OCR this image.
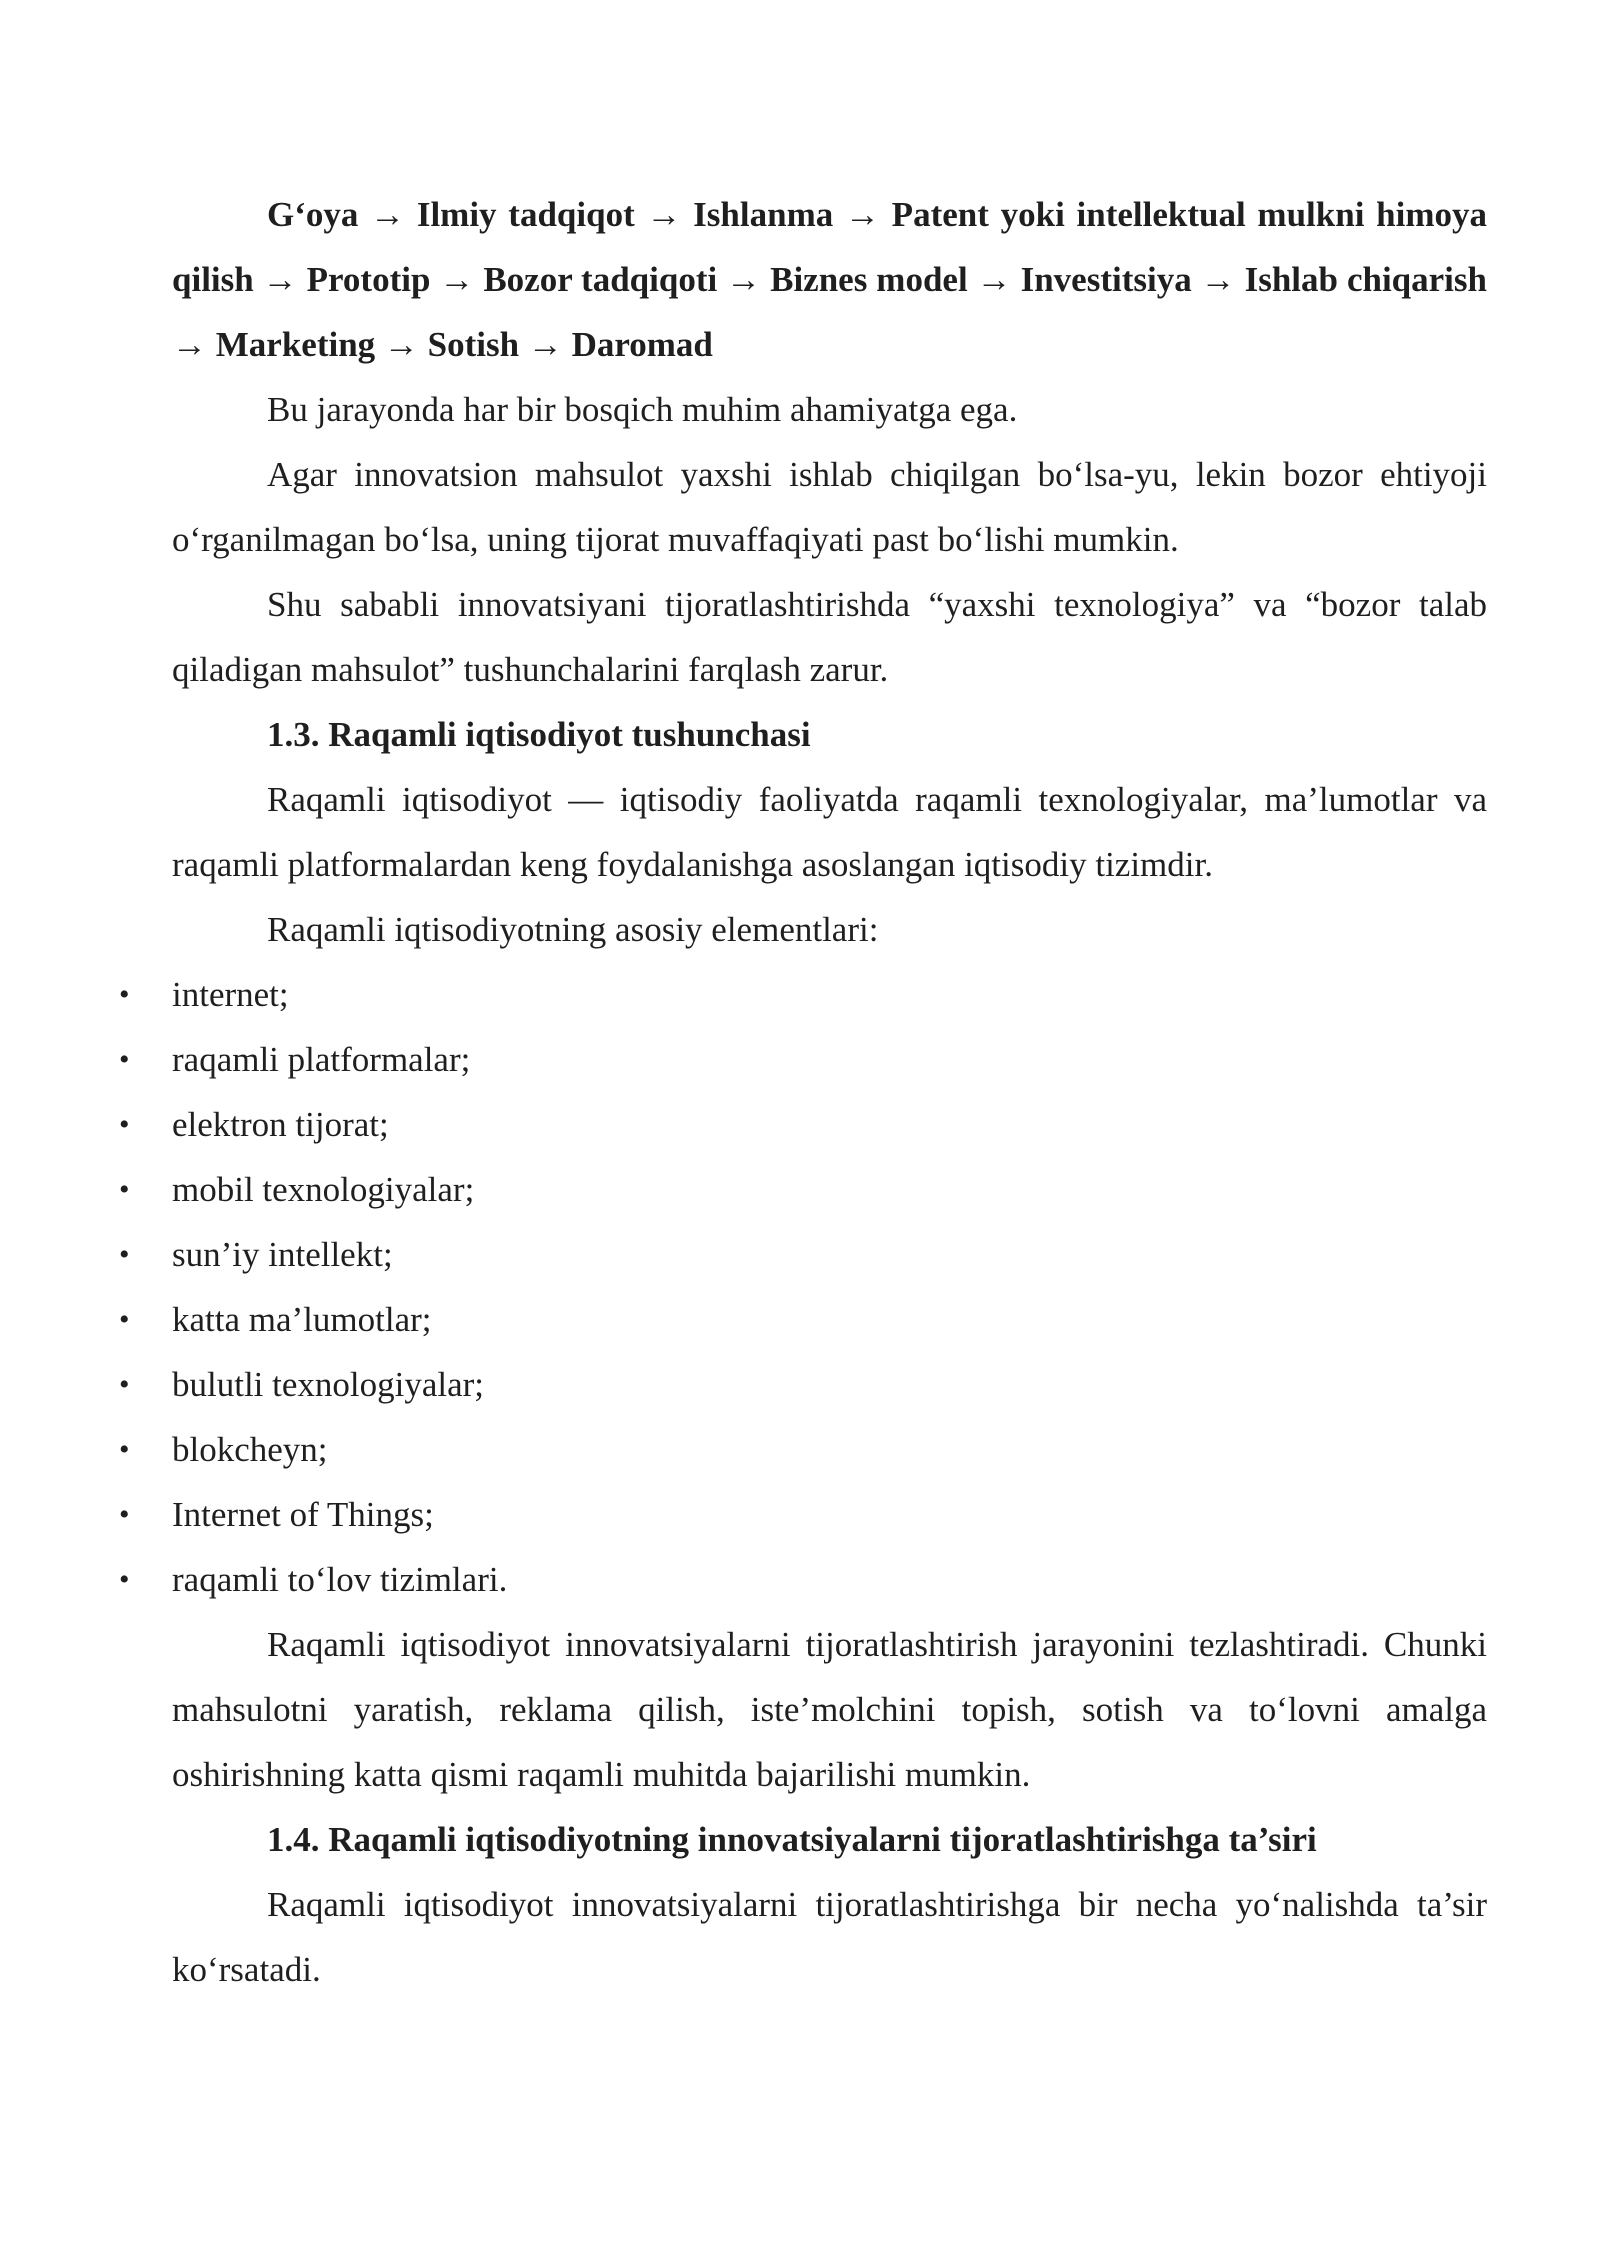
G‘oya → Ilmiy tadqiqot → Ishlanma → Patent yoki intellektual mulkni himoya qilish → Prototip → Bozor tadqiqoti → Biznes model → Investitsiya → Ishlab chiqarish → Marketing → Sotish → Daromad

Bu jarayonda har bir bosqich muhim ahamiyatga ega.

Agar innovatsion mahsulot yaxshi ishlab chiqilgan bo‘lsa-yu, lekin bozor ehtiyoji o‘rganilmagan bo‘lsa, uning tijorat muvaffaqiyati past bo‘lishi mumkin.

Shu sababli innovatsiyani tijoratlashtirishda “yaxshi texnologiya” va “bozor talab qiladigan mahsulot” tushunchalarini farqlash zarur.

1.3. Raqamli iqtisodiyot tushunchasi

Raqamli iqtisodiyot — iqtisodiy faoliyatda raqamli texnologiyalar, ma’lumotlar va raqamli platformalardan keng foydalanishga asoslangan iqtisodiy tizimdir.

Raqamli iqtisodiyotning asosiy elementlari:

• internet;
• raqamli platformalar;
• elektron tijorat;
• mobil texnologiyalar;
• sun’iy intellekt;
• katta ma’lumotlar;
• bulutli texnologiyalar;
• blokcheyn;
• Internet of Things;
• raqamli to‘lov tizimlari.

Raqamli iqtisodiyot innovatsiyalarni tijoratlashtirish jarayonini tezlashtiradi. Chunki mahsulotni yaratish, reklama qilish, iste’molchini topish, sotish va to‘lovni amalga oshirishning katta qismi raqamli muhitda bajarilishi mumkin.

1.4. Raqamli iqtisodiyotning innovatsiyalarni tijoratlashtirishga ta’siri

Raqamli iqtisodiyot innovatsiyalarni tijoratlashtirishga bir necha yo‘nalishda ta’sir ko‘rsatadi.
